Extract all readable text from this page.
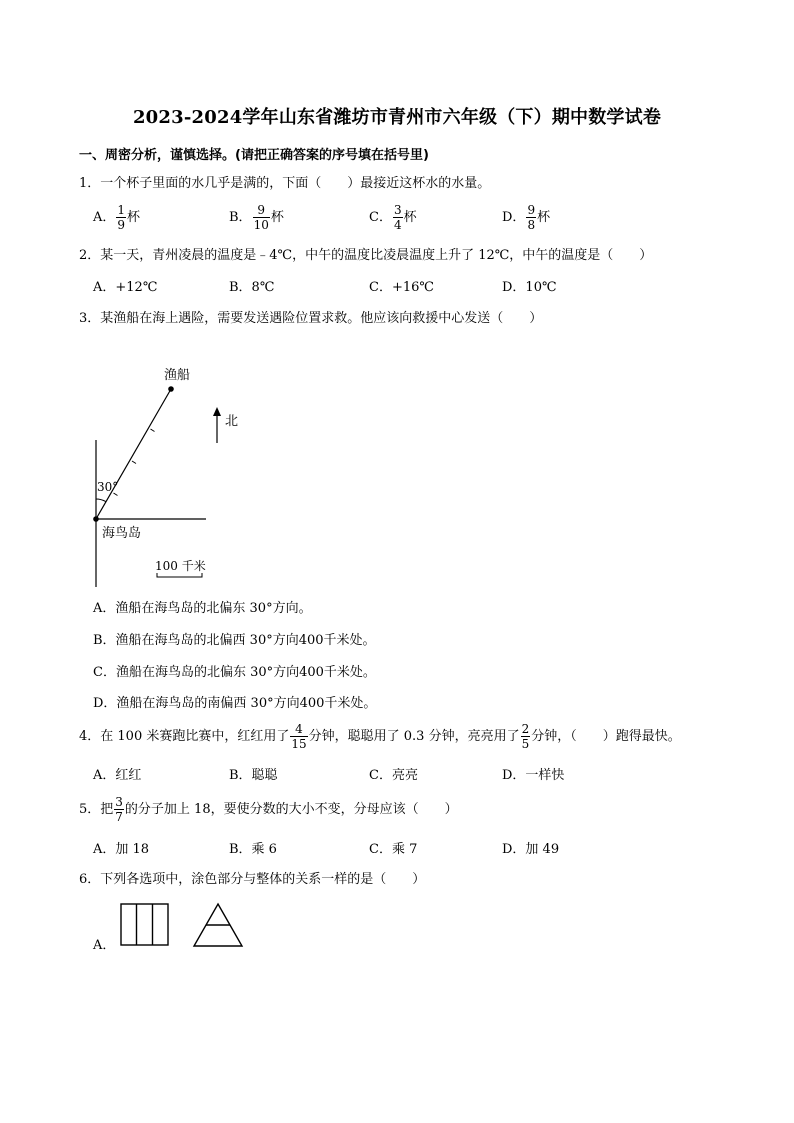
2023-2024学年山东省潍坊市青州市六年级（下）期中数学试卷
一、周密分析，谨慎选择。(请把正确答案的序号填在括号里)
1．一个杯子里面的水几乎是满的，下面（　　）最接近这杯水的水量。
A． $\frac{1}{9}$ 杯	B． $\frac{9}{10}$ 杯	C． $\frac{3}{4}$ 杯	D． $\frac{9}{8}$ 杯
2．某一天，青州凌晨的温度是﹣4℃，中午的温度比凌晨温度上升了 12℃，中午的温度是（　　）
A．+12℃	B．8℃	C．+16℃	D．10℃
3．某渔船在海上遇险，需要发送遇险位置求救。他应该向救援中心发送（　　）
渔船
30°
海鸟岛
北
100 千米
A．渔船在海鸟岛的北偏东 30°方向。
B．渔船在海鸟岛的北偏西 30°方向400千米处。
C．渔船在海鸟岛的北偏东 30°方向400千米处。
D．渔船在海鸟岛的南偏西 30°方向400千米处。
4．在 100 米赛跑比赛中，红红用了 $\frac{4}{15}$ 分钟，聪聪用了 0.3 分钟，亮亮用了 $\frac{2}{5}$ 分钟，（　　）跑得最快。
A．红红	B．聪聪	C．亮亮	D．一样快
5．把 $\frac{3}{7}$ 的分子加上 18，要使分数的大小不变，分母应该（　　）
A．加 18	B．乘 6	C．乘 7	D．加 49
6．下列各选项中，涂色部分与整体的关系一样的是（　　）
A．
